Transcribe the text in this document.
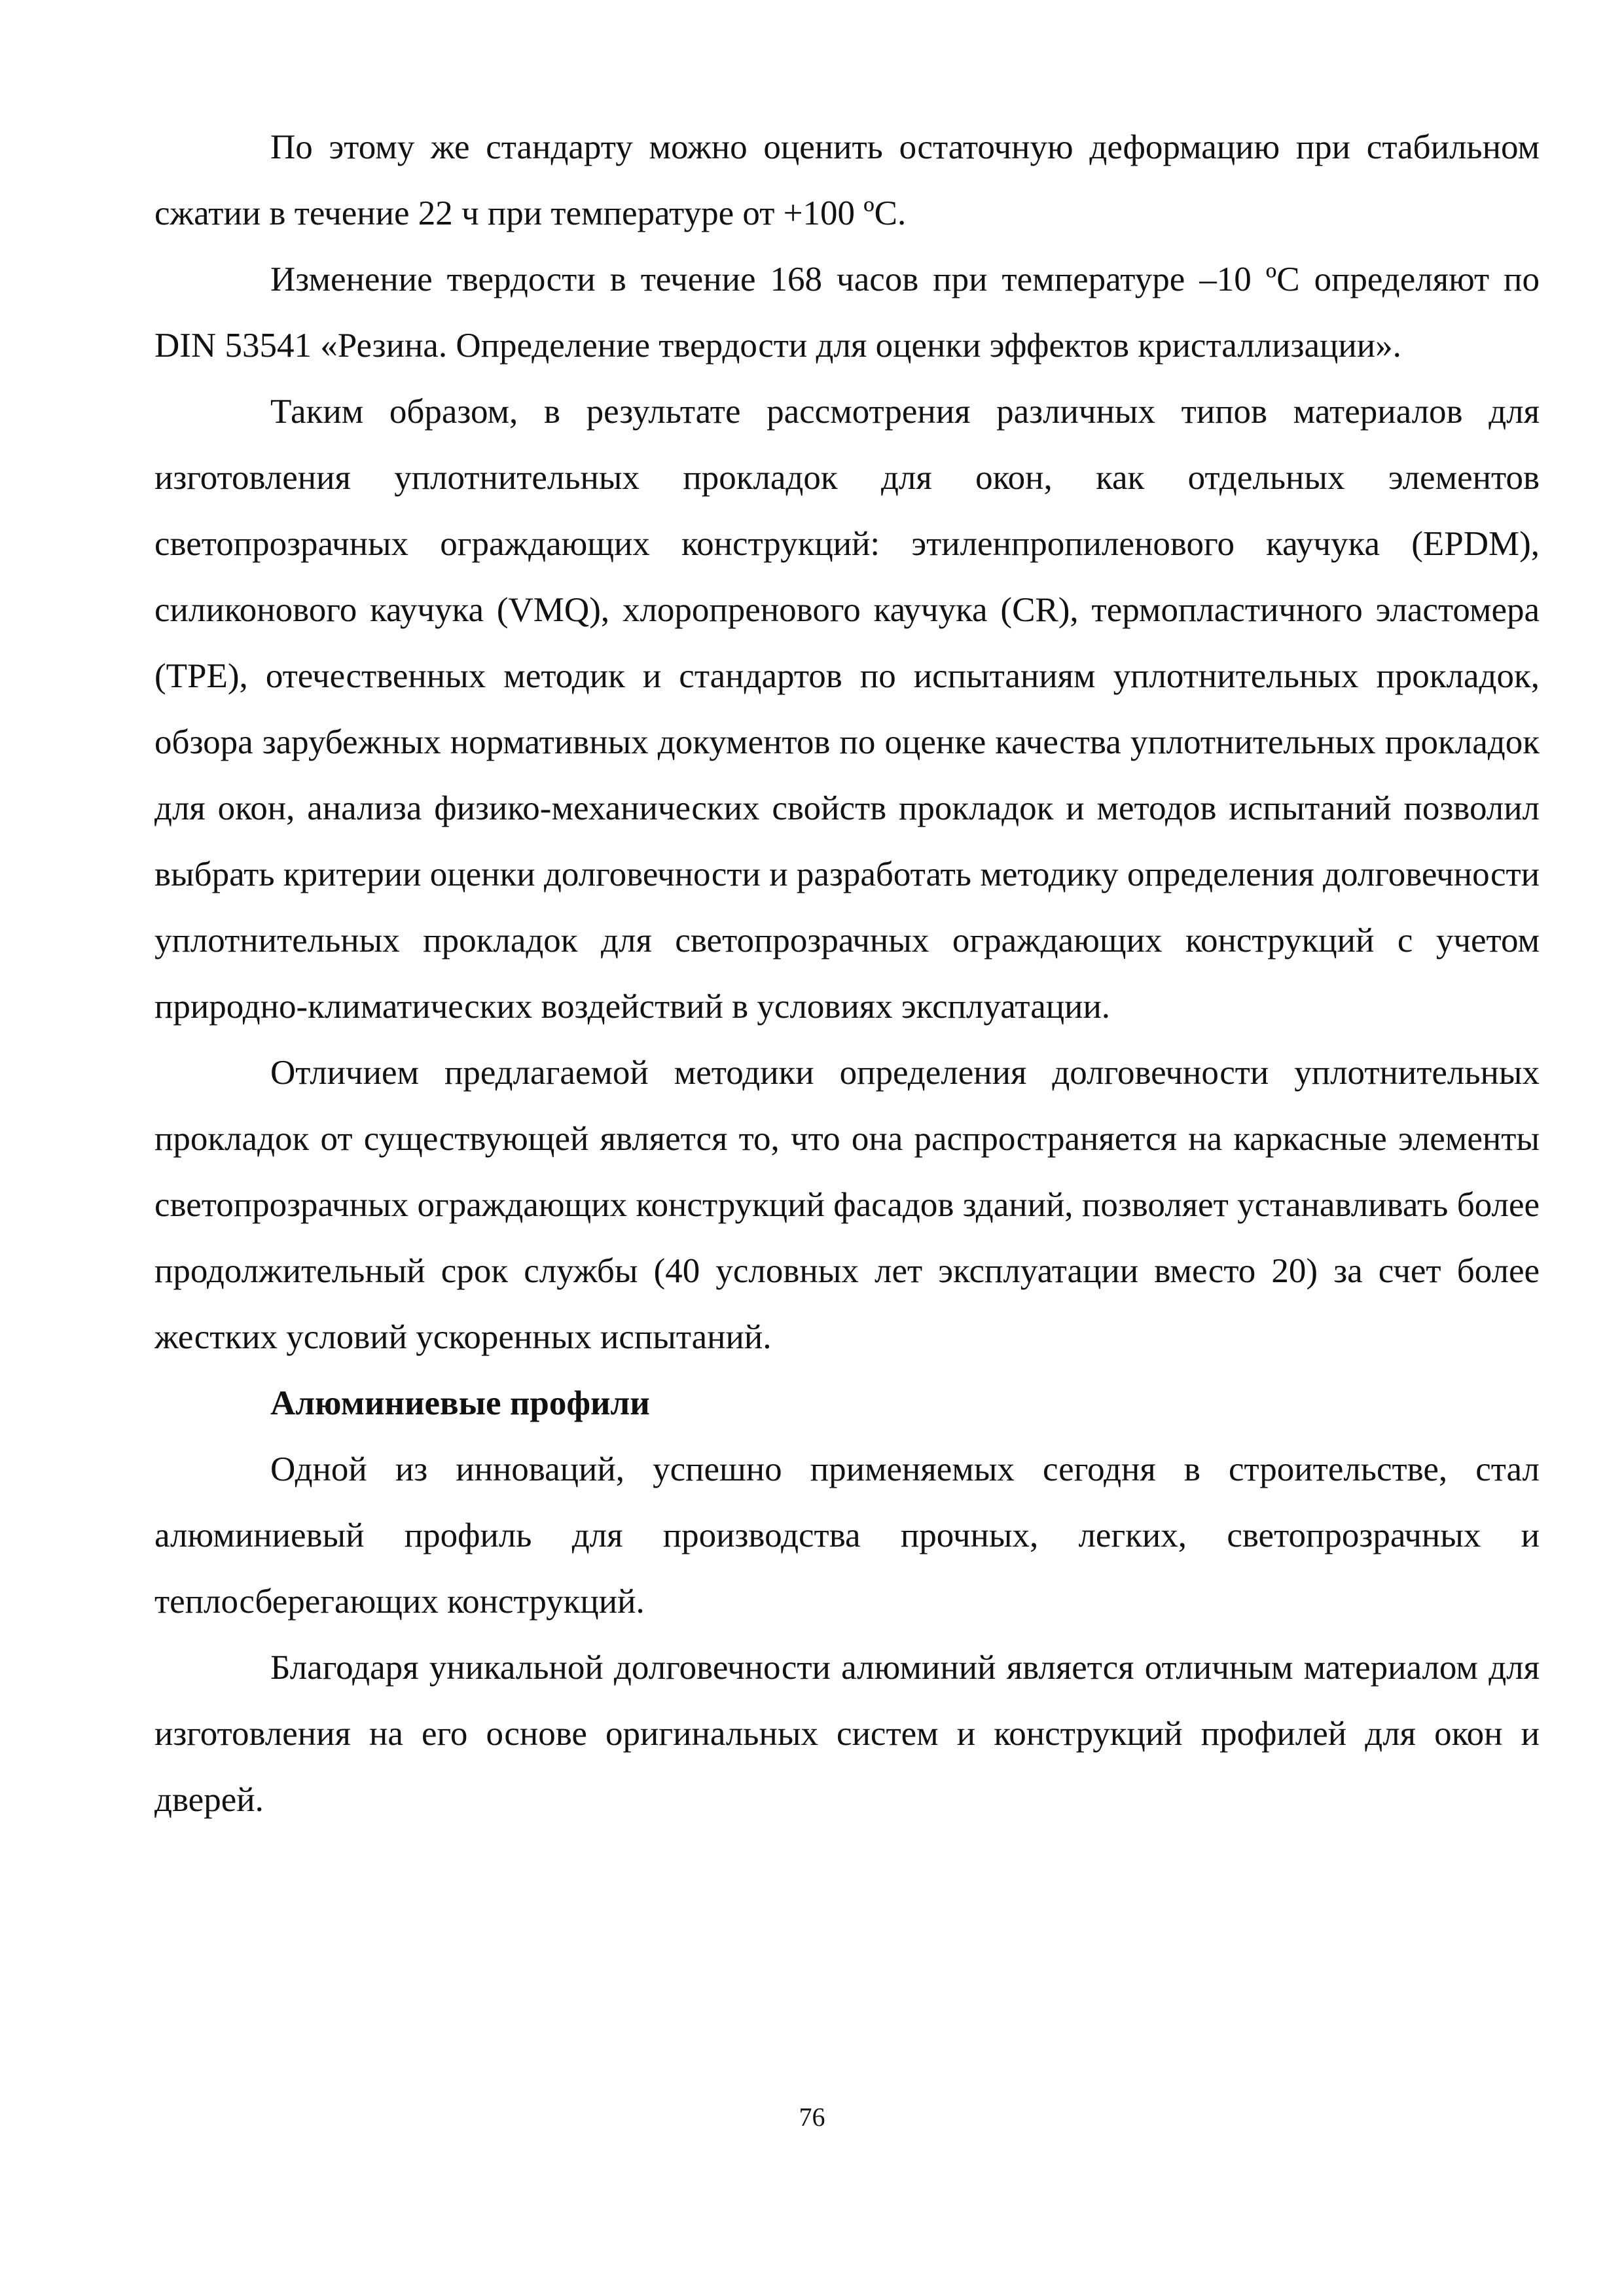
По этому же стандарту можно оценить остаточную деформацию при стабильном сжатии в течение 22 ч при температуре от +100 ºC.

Изменение твердости в течение 168 часов при температуре –10 ºC определяют по DIN 53541 «Резина. Определение твердости для оценки эффектов кристаллизации».

Таким образом, в результате рассмотрения различных типов материалов для изготовления уплотнительных прокладок для окон, как отдельных элементов светопрозрачных ограждающих конструкций: этиленпропиленового каучука (EPDM), силиконового каучука (VMQ), хлоропренового каучука (CR), термопластичного эластомера (TPE), отечественных методик и стандартов по испытаниям уплотнительных прокладок, обзора зарубежных нормативных документов по оценке качества уплотнительных прокладок для окон, анализа физико-механических свойств прокладок и методов испытаний позволил выбрать критерии оценки долговечности и разработать методику определения долговечности уплотнительных прокладок для светопрозрачных ограждающих конструкций с учетом природно-климатических воздействий в условиях эксплуатации.

Отличием предлагаемой методики определения долговечности уплотнительных прокладок от существующей является то, что она распространяется на каркасные элементы светопрозрачных ограждающих конструкций фасадов зданий, позволяет устанавливать более продолжительный срок службы (40 условных лет эксплуатации вместо 20) за счет более жестких условий ускоренных испытаний.

Алюминиевые профили

Одной из инноваций, успешно применяемых сегодня в строительстве, стал алюминиевый профиль для производства прочных, легких, светопрозрачных и теплосберегающих конструкций.

Благодаря уникальной долговечности алюминий является отличным материалом для изготовления на его основе оригинальных систем и конструкций профилей для окон и дверей.

76
